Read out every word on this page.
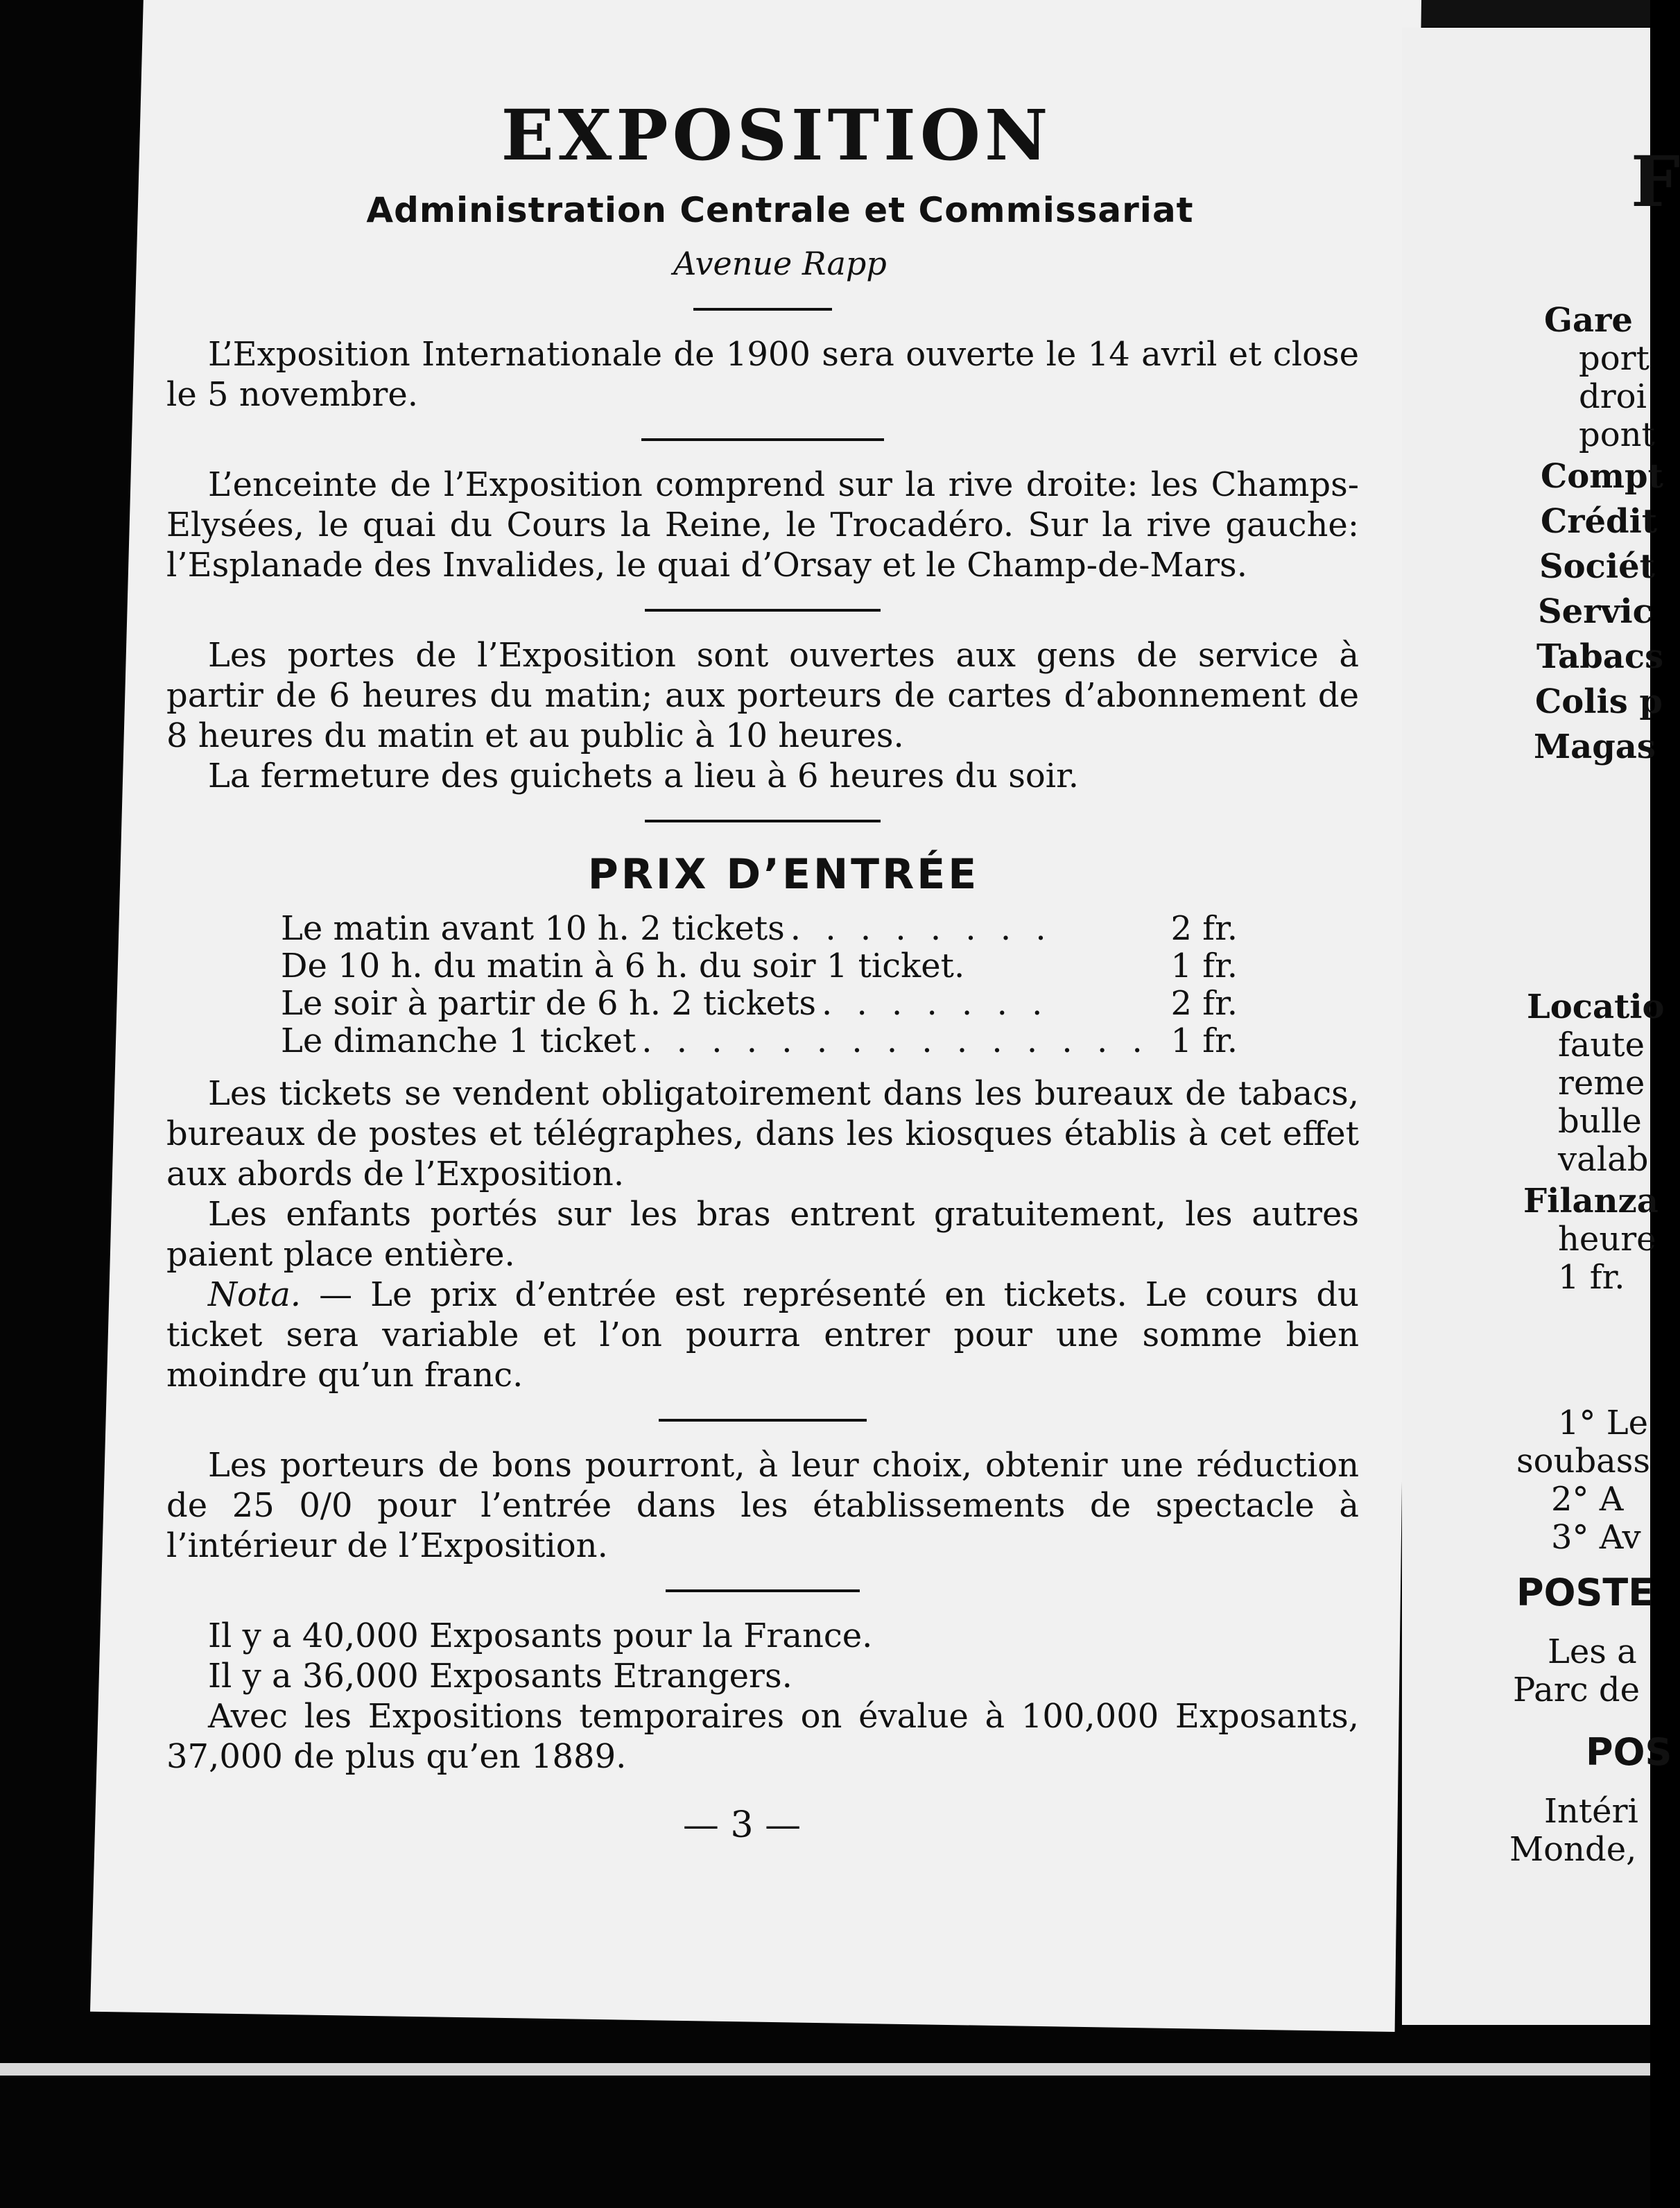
EXPOSITION
Administration Centrale et Commissariat
Avenue Rapp

L’Exposition Internationale de 1900 sera ouverte le 14 avril et close le 5 novembre.

L’enceinte de l’Exposition comprend sur la rive droite: les Champs-Elysées, le quai du Cours la Reine, le Trocadéro. Sur la rive gauche: l’Esplanade des Invalides, le quai d’Orsay et le Champ-de-Mars.

Les portes de l’Exposition sont ouvertes aux gens de service à partir de 6 heures du matin; aux porteurs de cartes d’abonnement de 8 heures du matin et au public à 10 heures.

La fermeture des guichets a lieu à 6 heures du soir.

PRIX D’ENTRÉE
Le matin avant 10 h. 2 tickets . . . . . . . .	2 fr.
De 10 h. du matin à 6 h. du soir 1 ticket.	1 fr.
Le soir à partir de 6 h. 2 tickets . . . . . . .	2 fr.
Le dimanche 1 ticket . . . . . . . . . . . . . . . 1 fr.

Les tickets se vendent obligatoirement dans les bureaux de tabacs, bureaux de postes et télégraphes, dans les kiosques établis à cet effet aux abords de l’Exposition.

Les enfants portés sur les bras entrent gratuitement, les autres paient place entière.

Nota. — Le prix d’entrée est représenté en tickets. Le cours du ticket sera variable et l’on pourra entrer pour une somme bien moindre qu’un franc.

Les porteurs de bons pourront, à leur choix, obtenir une réduction de 25 0/0 pour l’entrée dans les établissements de spectacle à l’intérieur de l’Exposition.

Il y a 40,000 Exposants pour la France.

Il y a 36,000 Exposants Etrangers.

Avec les Expositions temporaires on évalue à 100,000 Exposants, 37,000 de plus qu’en 1889.

— 3 —
F
Gare
port
droi
pont
Compt
Crédit
Sociét
Servic
Tabacs
Colis p
Magas
Locatio
faute
reme
bulle
valab
Filanza
heure
1 fr.
1° Le
soubass
2° A
3° Av
POSTE
Les a
Parc de
POS
Intéri
Monde,
